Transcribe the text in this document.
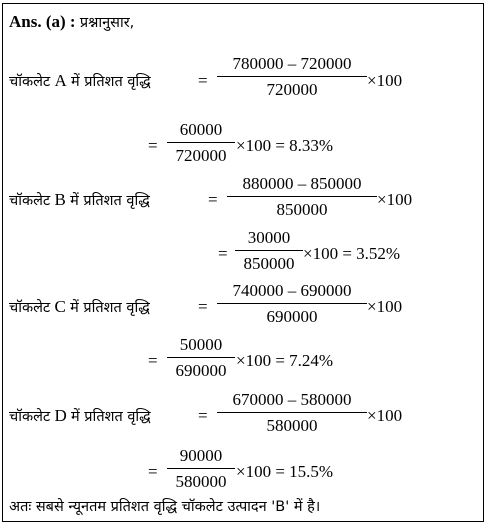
Ans. (a) : प्रश्नानुसार,
चॉकलेट A में प्रतिशत वृद्धि	= $\frac{780000 - 720000}{720000} \times 100$
= $\frac{60000}{720000} \times 100 = 8.33\%$
चॉकलेट B में प्रतिशत वृद्धि	= $\frac{880000 - 850000}{850000} \times 100$
= $\frac{30000}{850000} \times 100 = 3.52\%$
चॉकलेट C में प्रतिशत वृद्धि	= $\frac{740000 - 690000}{690000} \times 100$
= $\frac{50000}{690000} \times 100 = 7.24\%$
चॉकलेट D में प्रतिशत वृद्धि	= $\frac{670000 - 580000}{580000} \times 100$
= $\frac{90000}{580000} \times 100 = 15.5\%$
अतः सबसे न्यूनतम प्रतिशत वृद्धि चॉकलेट उत्पादन 'B' में है।
